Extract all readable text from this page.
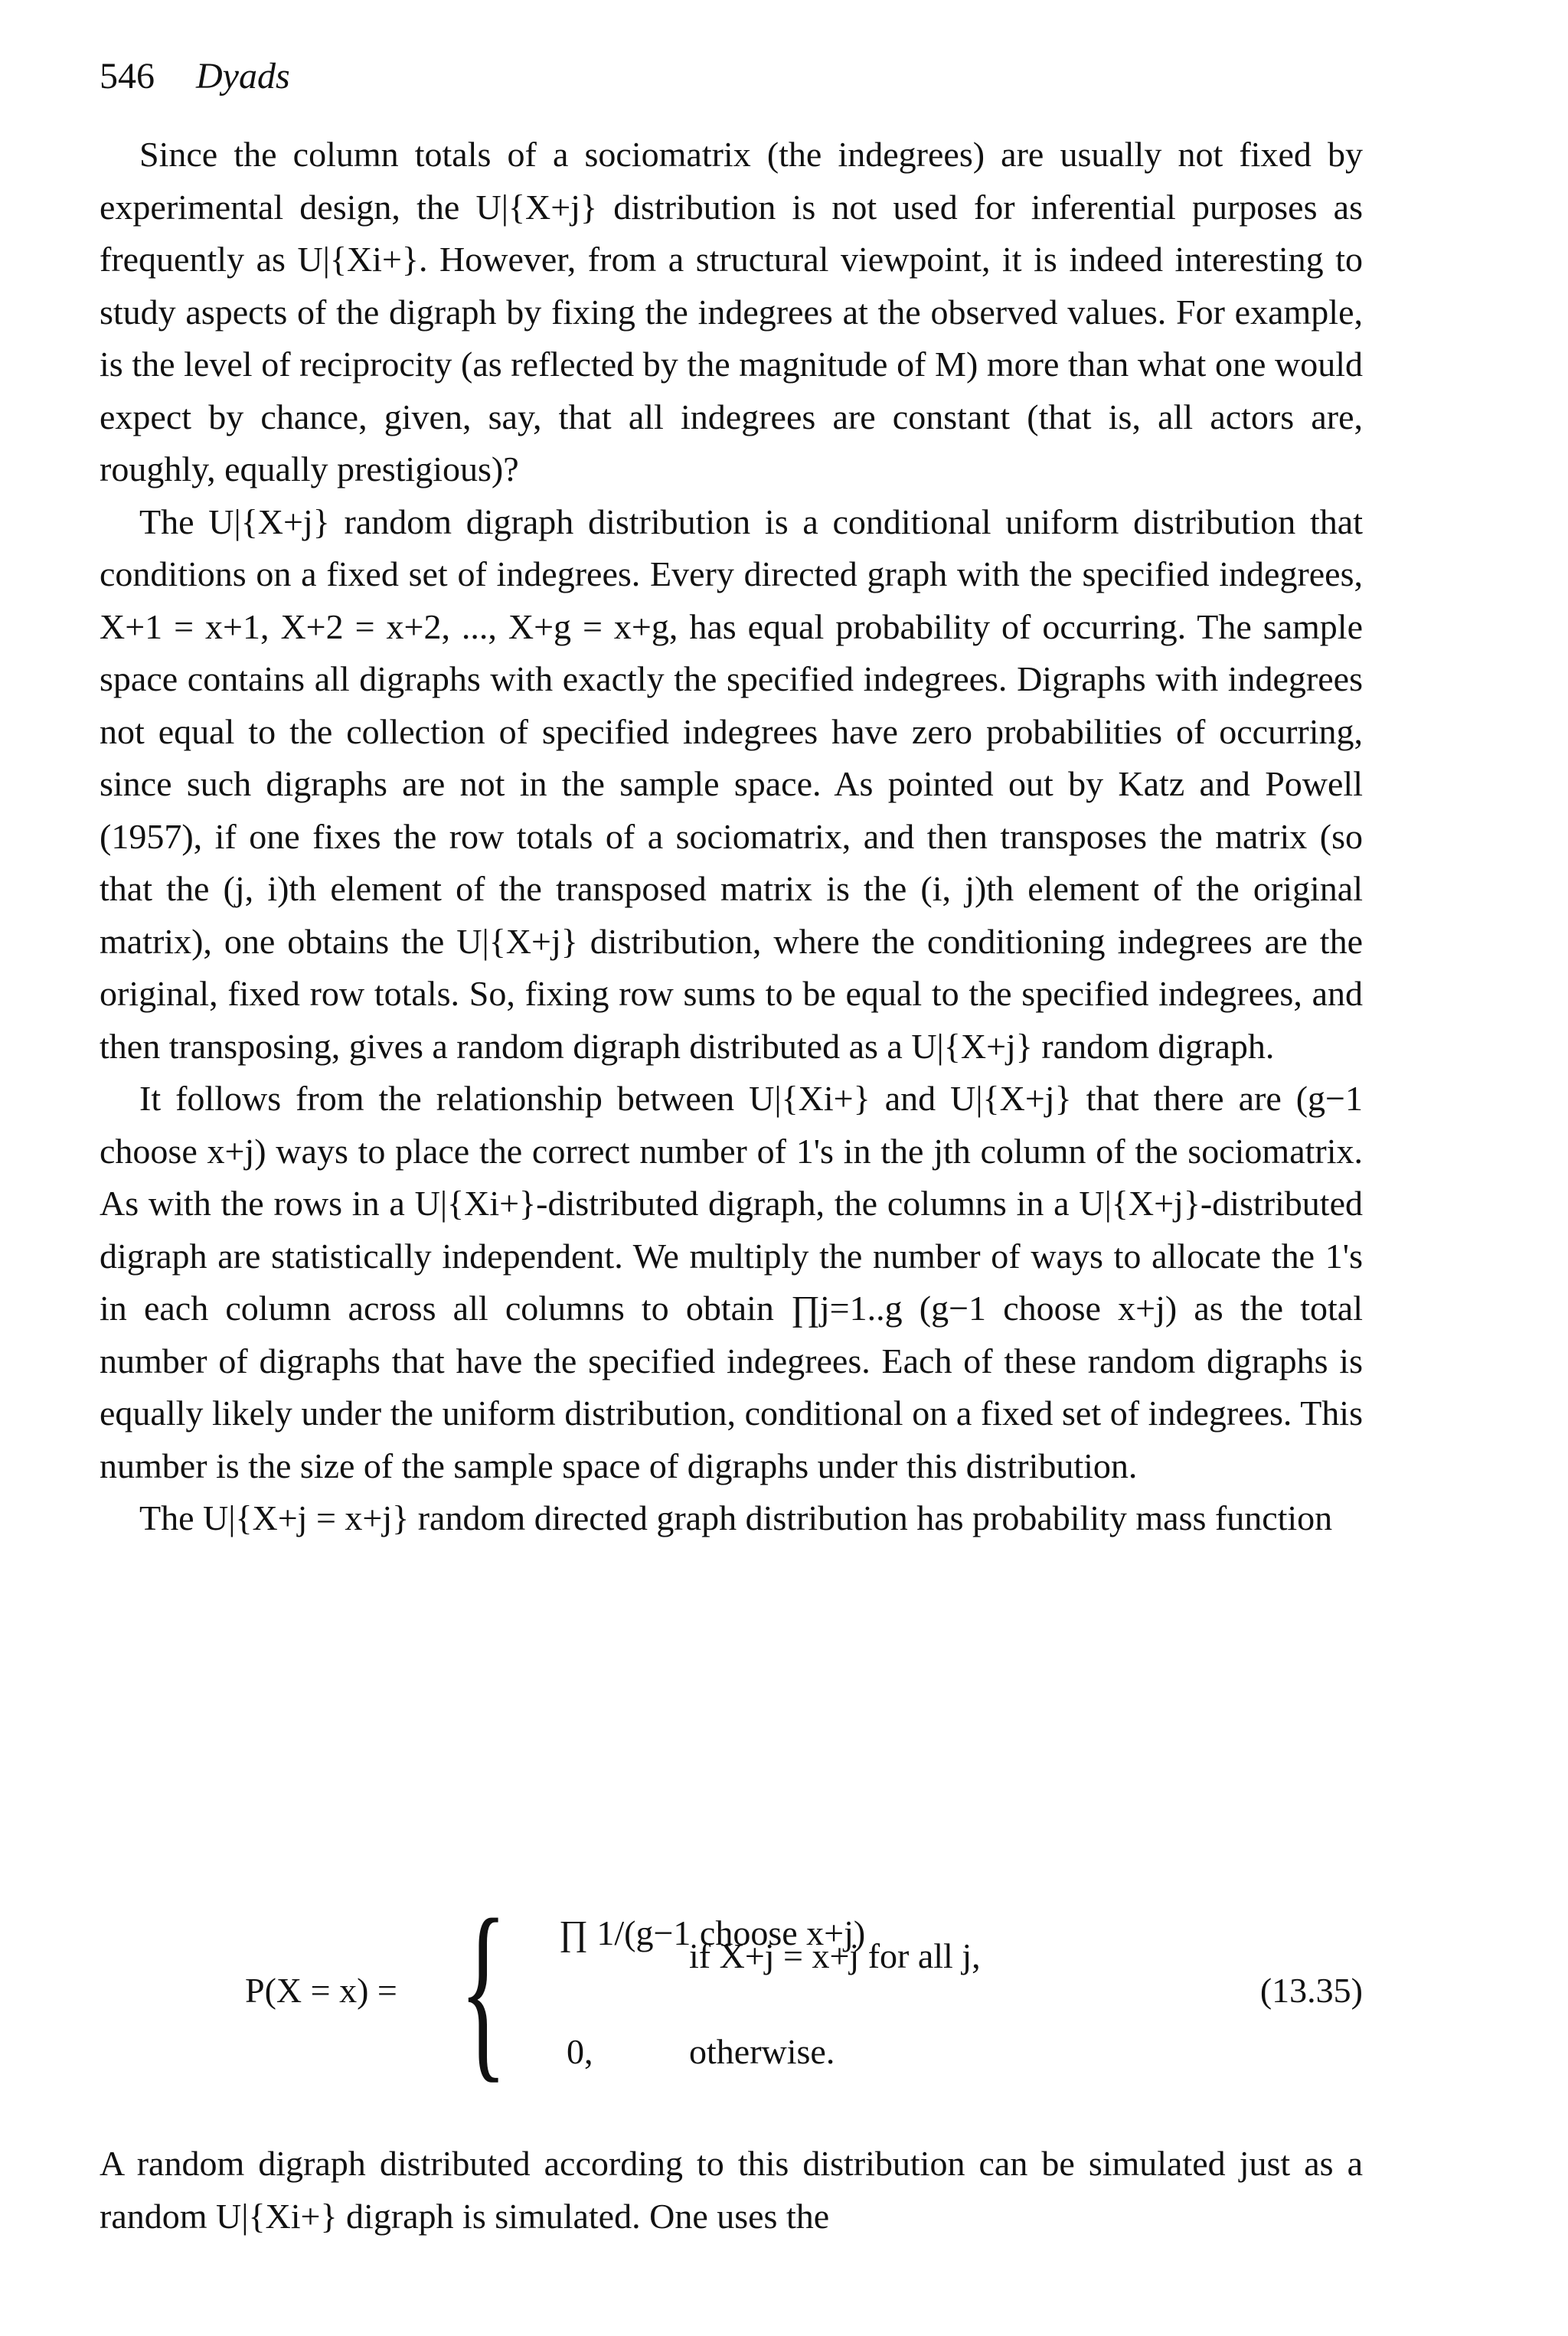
546 Dyads

Since the column totals of a sociomatrix (the indegrees) are usually not fixed by experimental design, the U|{X+j} distribution is not used for inferential purposes as frequently as U|{Xi+}. However, from a structural viewpoint, it is indeed interesting to study aspects of the digraph by fixing the indegrees at the observed values. For example, is the level of reciprocity (as reflected by the magnitude of M) more than what one would expect by chance, given, say, that all indegrees are constant (that is, all actors are, roughly, equally prestigious)?

The U|{X+j} random digraph distribution is a conditional uniform distribution that conditions on a fixed set of indegrees. Every directed graph with the specified indegrees, X+1 = x+1, X+2 = x+2, ..., X+g = x+g, has equal probability of occurring. The sample space contains all digraphs with exactly the specified indegrees. Digraphs with indegrees not equal to the collection of specified indegrees have zero probabilities of occurring, since such digraphs are not in the sample space. As pointed out by Katz and Powell (1957), if one fixes the row totals of a sociomatrix, and then transposes the matrix (so that the (j, i)th element of the transposed matrix is the (i, j)th element of the original matrix), one obtains the U|{X+j} distribution, where the conditioning indegrees are the original, fixed row totals. So, fixing row sums to be equal to the specified indegrees, and then transposing, gives a random digraph distributed as a U|{X+j} random digraph.

It follows from the relationship between U|{Xi+} and U|{X+j} that there are (g−1 choose x+j) ways to place the correct number of 1's in the jth column of the sociomatrix. As with the rows in a U|{Xi+}-distributed digraph, the columns in a U|{X+j}-distributed digraph are statistically independent. We multiply the number of ways to allocate the 1's in each column across all columns to obtain ∏j=1..g (g−1 choose x+j) as the total number of digraphs that have the specified indegrees. Each of these random digraphs is equally likely under the uniform distribution, conditional on a fixed set of indegrees. This number is the size of the sample space of digraphs under this distribution.

The U|{X+j = x+j} random directed graph distribution has probability mass function

P(X = x) = { ∏ 1/(g−1 choose x+j)
if X+j = x+j for all j,
0,	otherwise.
(13.35)

A random digraph distributed according to this distribution can be simulated just as a random U|{Xi+} digraph is simulated. One uses the
